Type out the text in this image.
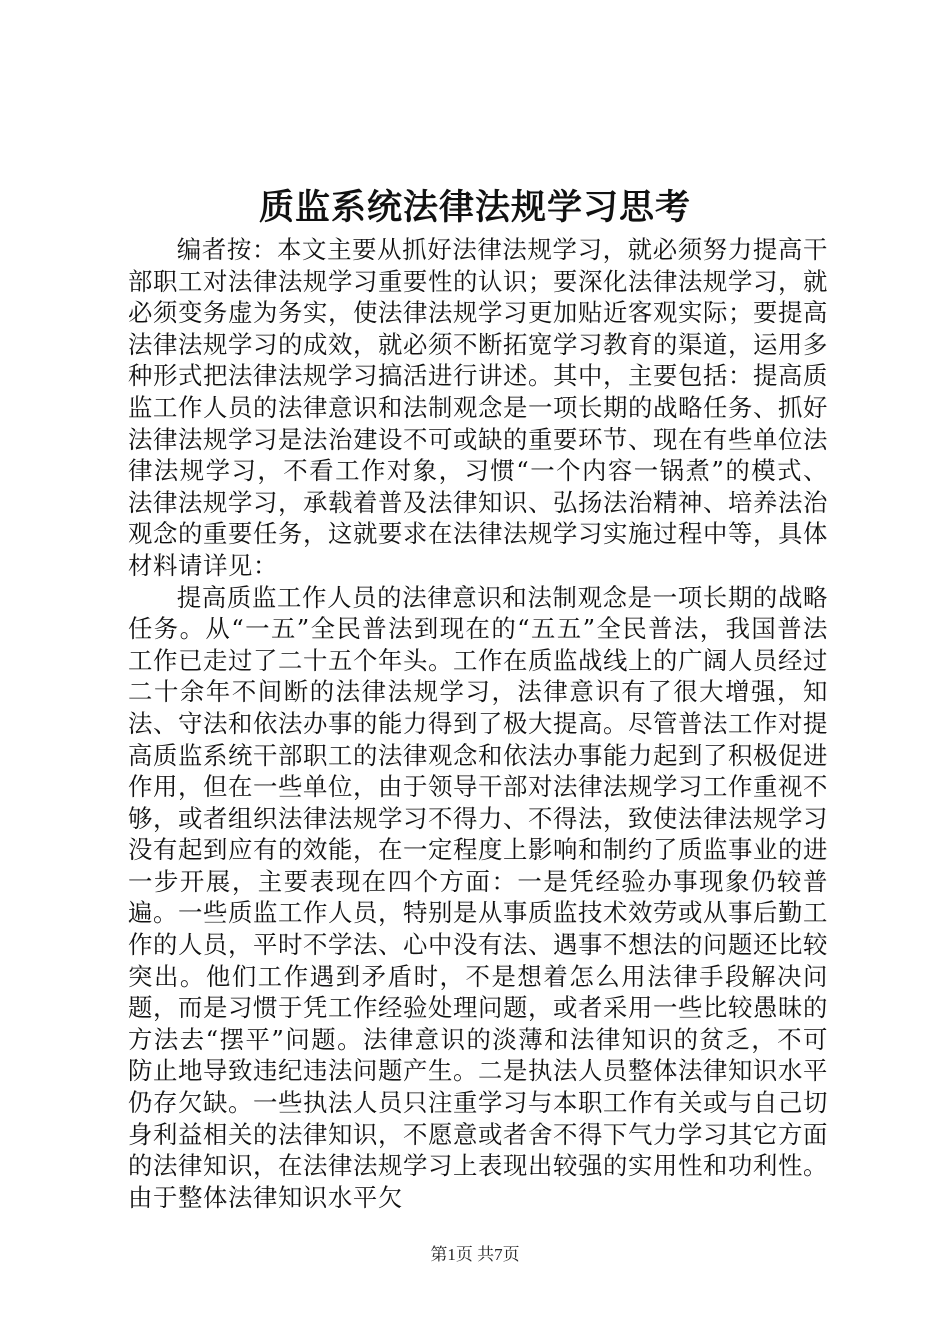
质监系统法律法规学习思考

编者按：本文主要从抓好法律法规学习，就必须努力提高干部职工对法律法规学习重要性的认识；要深化法律法规学习，就必须变务虚为务实，使法律法规学习更加贴近客观实际；要提高法律法规学习的成效，就必须不断拓宽学习教育的渠道，运用多种形式把法律法规学习搞活进行讲述。其中，主要包括：提高质监工作人员的法律意识和法制观念是一项长期的战略任务、抓好法律法规学习是法治建设不可或缺的重要环节、现在有些单位法律法规学习，不看工作对象，习惯“一个内容一锅煮”的模式、法律法规学习，承载着普及法律知识、弘扬法治精神、培养法治观念的重要任务，这就要求在法律法规学习实施过程中等，具体材料请详见：

提高质监工作人员的法律意识和法制观念是一项长期的战略任务。从“一五”全民普法到现在的“五五”全民普法，我国普法工作已走过了二十五个年头。工作在质监战线上的广阔人员经过二十余年不间断的法律法规学习，法律意识有了很大增强，知法、守法和依法办事的能力得到了极大提高。尽管普法工作对提高质监系统干部职工的法律观念和依法办事能力起到了积极促进作用，但在一些单位，由于领导干部对法律法规学习工作重视不够，或者组织法律法规学习不得力、不得法，致使法律法规学习没有起到应有的效能，在一定程度上影响和制约了质监事业的进一步开展，主要表现在四个方面：一是凭经验办事现象仍较普遍。一些质监工作人员，特别是从事质监技术效劳或从事后勤工作的人员，平时不学法、心中没有法、遇事不想法的问题还比较突出。他们工作遇到矛盾时，不是想着怎么用法律手段解决问题，而是习惯于凭工作经验处理问题，或者采用一些比较愚昧的方法去“摆平”问题。法律意识的淡薄和法律知识的贫乏，不可防止地导致违纪违法问题产生。二是执法人员整体法律知识水平仍存欠缺。一些执法人员只注重学习与本职工作有关或与自己切身利益相关的法律知识，不愿意或者舍不得下气力学习其它方面的法律知识，在法律法规学习上表现出较强的实用性和功利性。由于整体法律知识水平欠

第1页 共7页
